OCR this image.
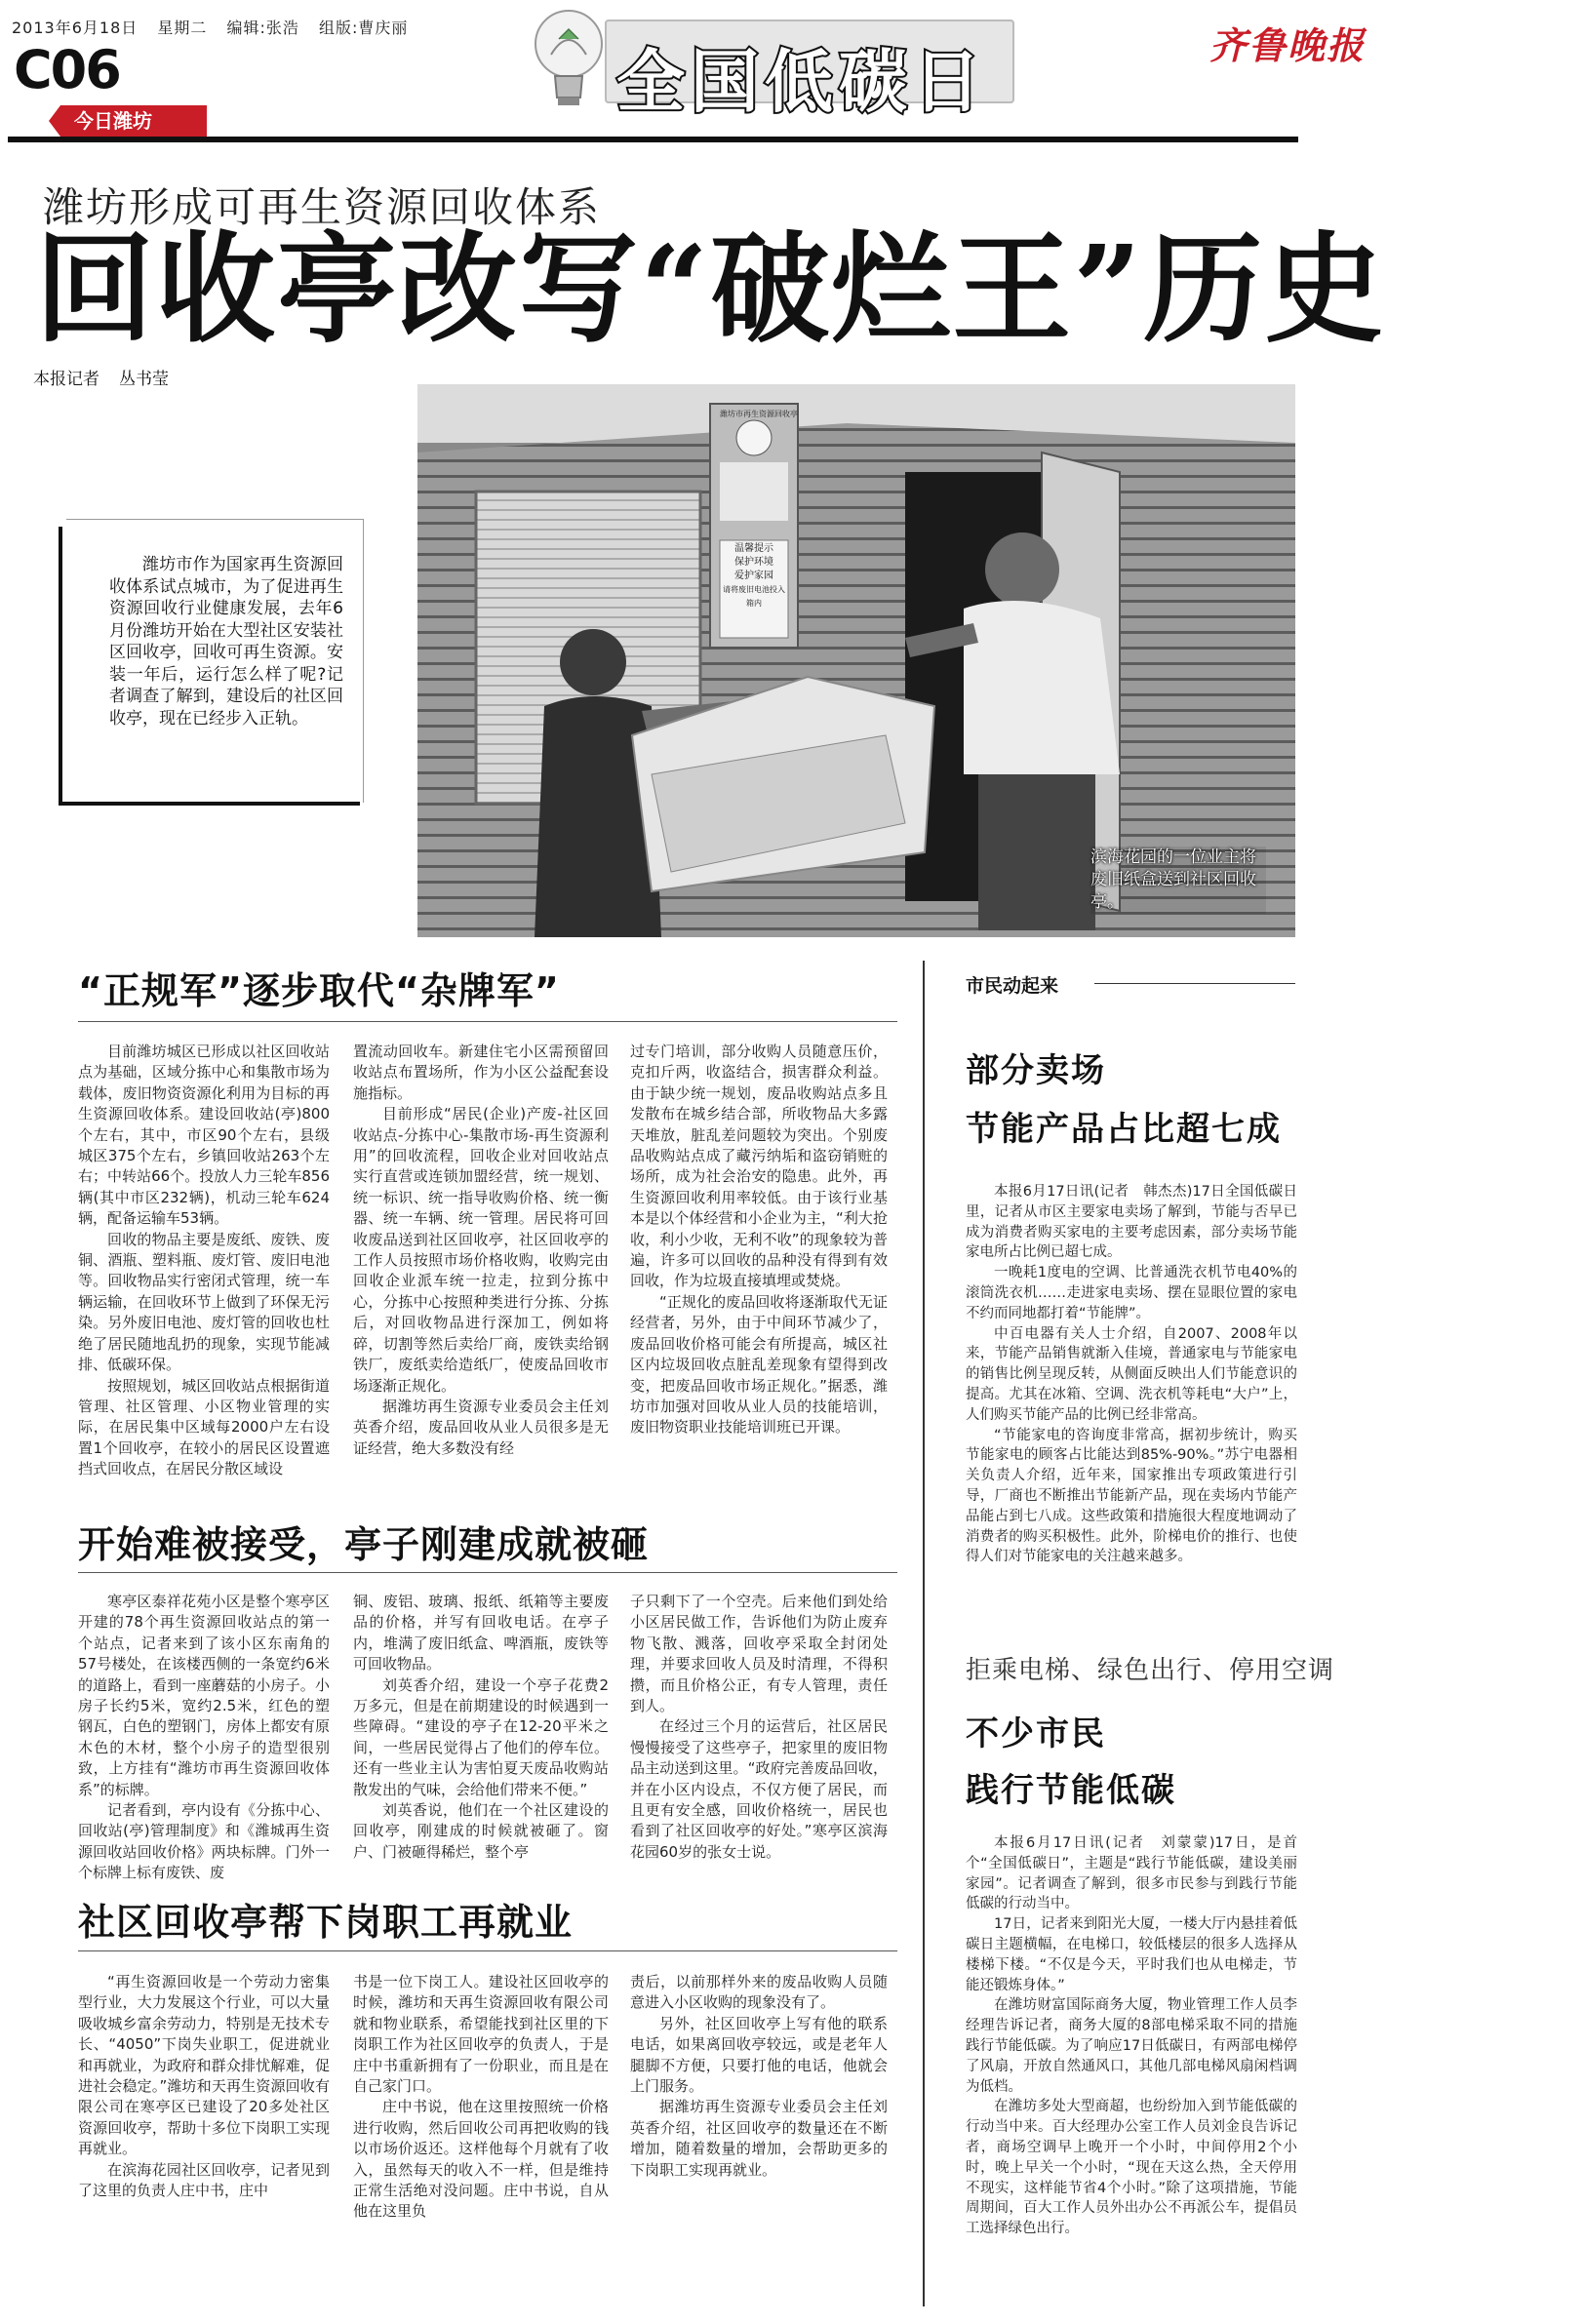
2013年6月18日 星期二 编辑:张浩 组版:曹庆丽
C06
今日潍坊	全国低碳日	齐鲁晚报
潍坊形成可再生资源回收体系
回收亭改写“破烂王”历史
本报记者 丛书莹
滨海花园的一位业主将废旧纸盒送到社区回收亭。
潍坊市作为国家再生资源回收体系试点城市，为了促进再生资源回收行业健康发展，去年6月份潍坊开始在大型社区安装社区回收亭，回收可再生资源。安装一年后，运行怎么样了呢?记者调查了解到，建设后的社区回收亭，现在已经步入正轨。
“正规军”逐步取代“杂牌军”

目前潍坊城区已形成以社区回收站点为基础，区域分拣中心和集散市场为载体，废旧物资资源化利用为目标的再生资源回收体系。建设回收站(亭)800个左右，其中，市区90个左右，县级城区375个左右，乡镇回收站263个左右；中转站66个。投放人力三轮车856辆(其中市区232辆)，机动三轮车624辆，配备运输车53辆。

回收的物品主要是废纸、废铁、废铜、酒瓶、塑料瓶、废灯管、废旧电池等。回收物品实行密闭式管理，统一车辆运输，在回收环节上做到了环保无污染。另外废旧电池、废灯管的回收也杜绝了居民随地乱扔的现象，实现节能减排、低碳环保。

按照规划，城区回收站点根据街道管理、社区管理、小区物业管理的实际，在居民集中区域每2000户左右设置1个回收亭，在较小的居民区设置遮挡式回收点，在居民分散区域设

置流动回收车。新建住宅小区需预留回收站点布置场所，作为小区公益配套设施指标。

目前形成“居民(企业)产废-社区回收站点-分拣中心-集散市场-再生资源利用”的回收流程，回收企业对回收站点实行直营或连锁加盟经营，统一规划、统一标识、统一指导收购价格、统一衡器、统一车辆、统一管理。居民将可回收废品送到社区回收亭，社区回收亭的工作人员按照市场价格收购，收购完由回收企业派车统一拉走，拉到分拣中心，分拣中心按照种类进行分拣、分拣后，对回收物品进行深加工，例如将碎，切割等然后卖给厂商，废铁卖给钢铁厂，废纸卖给造纸厂，使废品回收市场逐渐正规化。

据潍坊再生资源专业委员会主任刘英香介绍，废品回收从业人员很多是无证经营，绝大多数没有经

过专门培训，部分收购人员随意压价，克扣斤两，收盗结合，损害群众利益。由于缺少统一规划，废品收购站点多且发散布在城乡结合部，所收物品大多露天堆放，脏乱差问题较为突出。个别废品收购站点成了藏污纳垢和盗窃销赃的场所，成为社会治安的隐患。此外，再生资源回收利用率较低。由于该行业基本是以个体经营和小企业为主，“利大抢收，利小少收，无利不收”的现象较为普遍，许多可以回收的品种没有得到有效回收，作为垃圾直接填埋或焚烧。

“正规化的废品回收将逐渐取代无证经营者，另外，由于中间环节减少了，废品回收价格可能会有所提高，城区社区内垃圾回收点脏乱差现象有望得到改变，把废品回收市场正规化。”据悉，潍坊市加强对回收从业人员的技能培训，废旧物资职业技能培训班已开课。

开始难被接受，亭子刚建成就被砸

寒亭区泰祥花苑小区是整个寒亭区开建的78个再生资源回收站点的第一个站点，记者来到了该小区东南角的57号楼处，在该楼西侧的一条宽约6米的道路上，看到一座蘑菇的小房子。小房子长约5米，宽约2.5米，红色的塑钢瓦，白色的塑钢门，房体上都安有原木色的木材，整个小房子的造型很别致，上方挂有“潍坊市再生资源回收体系”的标牌。

记者看到，亭内设有《分拣中心、回收站(亭)管理制度》和《潍城再生资源回收站回收价格》两块标牌。门外一个标牌上标有废铁、废

铜、废铝、玻璃、报纸、纸箱等主要废品的价格，并写有回收电话。在亭子内，堆满了废旧纸盒、啤酒瓶，废铁等可回收物品。

刘英香介绍，建设一个亭子花费2万多元，但是在前期建设的时候遇到一些障碍。“建设的亭子在12-20平米之间，一些居民觉得占了他们的停车位。还有一些业主认为害怕夏天废品收购站散发出的气味，会给他们带来不便。”

刘英香说，他们在一个社区建设的回收亭，刚建成的时候就被砸了。窗户、门被砸得稀烂，整个亭

子只剩下了一个空壳。后来他们到处给小区居民做工作，告诉他们为防止废弃物飞散、溅落，回收亭采取全封闭处理，并要求回收人员及时清理，不得积攒，而且价格公正，有专人管理，责任到人。

在经过三个月的运营后，社区居民慢慢接受了这些亭子，把家里的废旧物品主动送到这里。“政府完善废品回收，并在小区内设点，不仅方便了居民，而且更有安全感，回收价格统一，居民也看到了社区回收亭的好处。”寒亭区滨海花园60岁的张女士说。

社区回收亭帮下岗职工再就业

“再生资源回收是一个劳动力密集型行业，大力发展这个行业，可以大量吸收城乡富余劳动力，特别是无技术专长、“4050”下岗失业职工，促进就业和再就业，为政府和群众排忧解难，促进社会稳定。”潍坊和天再生资源回收有限公司在寒亭区已建设了20多处社区资源回收亭，帮助十多位下岗职工实现再就业。

在滨海花园社区回收亭，记者见到了这里的负责人庄中书，庄中

书是一位下岗工人。建设社区回收亭的时候，潍坊和天再生资源回收有限公司就和物业联系，希望能找到社区里的下岗职工作为社区回收亭的负责人，于是庄中书重新拥有了一份职业，而且是在自己家门口。

庄中书说，他在这里按照统一价格进行收购，然后回收公司再把收购的钱以市场价返还。这样他每个月就有了收入，虽然每天的收入不一样，但是维持正常生活绝对没问题。庄中书说，自从他在这里负

责后，以前那样外来的废品收购人员随意进入小区收购的现象没有了。

另外，社区回收亭上写有他的联系电话，如果离回收亭较远，或是老年人腿脚不方便，只要打他的电话，他就会上门服务。

据潍坊再生资源专业委员会主任刘英香介绍，社区回收亭的数量还在不断增加，随着数量的增加，会帮助更多的下岗职工实现再就业。

市民动起来
部分卖场
节能产品占比超七成

本报6月17日讯(记者　韩杰杰)17日全国低碳日里，记者从市区主要家电卖场了解到，节能与否早已成为消费者购买家电的主要考虑因素，部分卖场节能家电所占比例已超七成。

一晚耗1度电的空调、比普通洗衣机节电40%的滚筒洗衣机……走进家电卖场、摆在显眼位置的家电不约而同地都打着“节能牌”。

中百电器有关人士介绍，自2007、2008年以来，节能产品销售就渐入佳境，普通家电与节能家电的销售比例呈现反转，从侧面反映出人们节能意识的提高。尤其在冰箱、空调、洗衣机等耗电“大户”上，人们购买节能产品的比例已经非常高。

“节能家电的咨询度非常高，据初步统计，购买节能家电的顾客占比能达到85%-90%。”苏宁电器相关负责人介绍，近年来，国家推出专项政策进行引导，厂商也不断推出节能新产品，现在卖场内节能产品能占到七八成。这些政策和措施很大程度地调动了消费者的购买积极性。此外，阶梯电价的推行、也使得人们对节能家电的关注越来越多。

拒乘电梯、绿色出行、停用空调
不少市民
践行节能低碳

本报6月17日讯(记者　刘蒙蒙)17日，是首个“全国低碳日”，主题是“践行节能低碳，建设美丽家园”。记者调查了解到，很多市民参与到践行节能低碳的行动当中。

17日，记者来到阳光大厦，一楼大厅内悬挂着低碳日主题横幅，在电梯口，较低楼层的很多人选择从楼梯下楼。“不仅是今天，平时我们也从电梯走，节能还锻炼身体。”

在潍坊财富国际商务大厦，物业管理工作人员李经理告诉记者，商务大厦的8部电梯采取不同的措施践行节能低碳。为了响应17日低碳日，有两部电梯停了风扇，开放自然通风口，其他几部电梯风扇闲档调为低档。

在潍坊多处大型商超，也纷纷加入到节能低碳的行动当中来。百大经理办公室工作人员刘金良告诉记者，商场空调早上晚开一个小时，中间停用2个小时，晚上早关一个小时，“现在天这么热，全天停用不现实，这样能节省4个小时。”除了这项措施，节能周期间，百大工作人员外出办公不再派公车，提倡员工选择绿色出行。

潍坊市再生资源回收亭
温馨提示
保护环境
爱护家园
请将废旧电池投入箱内
